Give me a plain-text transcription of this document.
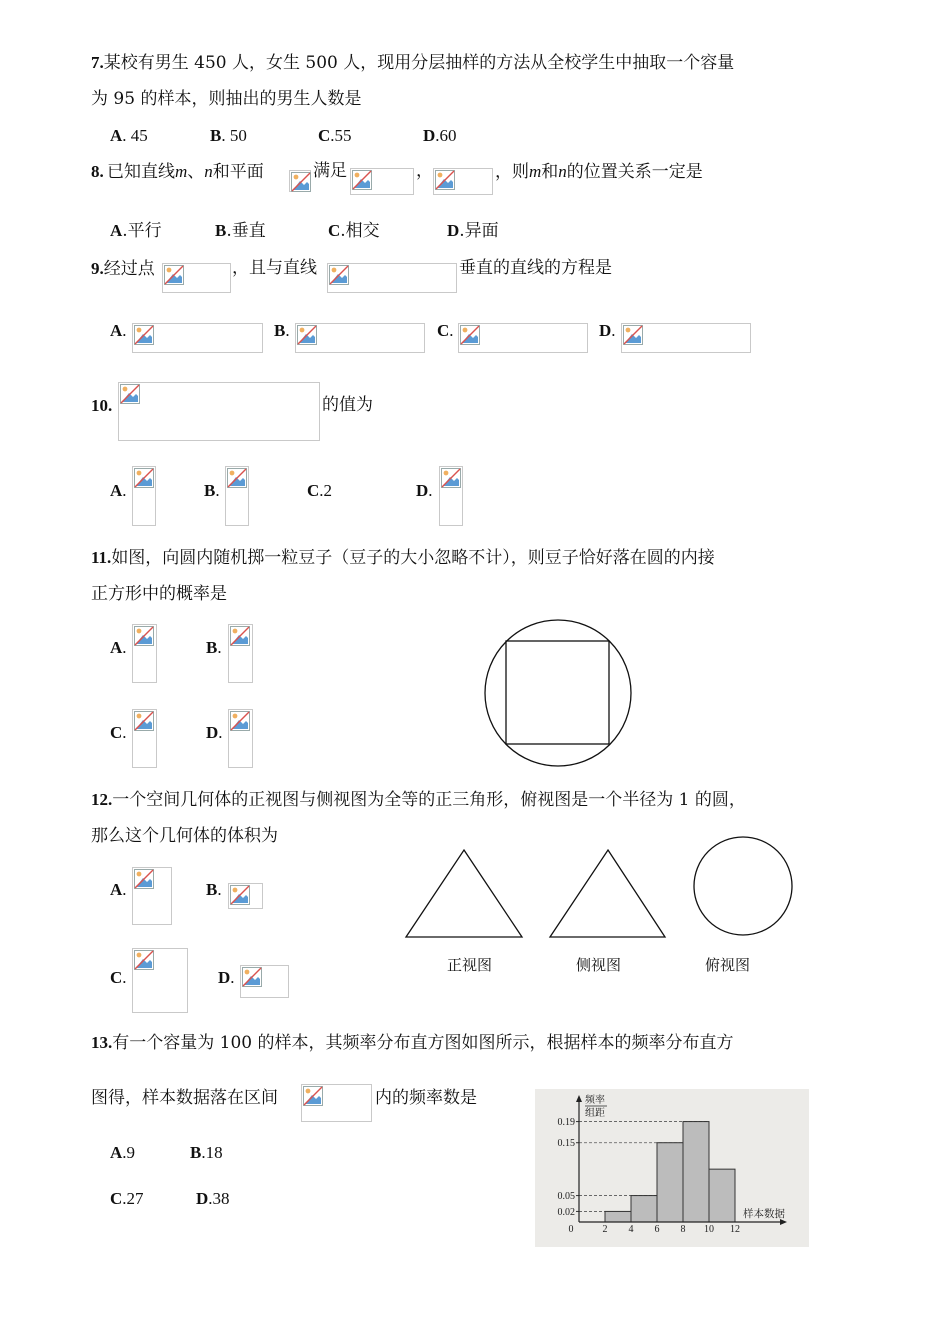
7.某校有男生 450 人，女生 500 人，现用分层抽样的方法从全校学生中抽取一个容量
为 95 的样本，则抽出的男生人数是
A. 45	B. 50	C.55	D.60
8. 已知直线m、n和平面	满足	，	，则m和n的位置关系一定是
A.平行	B.垂直	C.相交	D.异面
9.经过点	，且与直线	垂直的直线的方程是
A.	B.	C.	D.
10.	的值为
A.	B.	C.2	D.
11.如图，向圆内随机掷一粒豆子（豆子的大小忽略不计），则豆子恰好落在圆的内接
正方形中的概率是
A.	B.
C.	D.
12.一个空间几何体的正视图与侧视图为全等的正三角形，俯视图是一个半径为 1 的圆，
那么这个几何体的体积为
A.	B.
C.	D.
正视图	侧视图	俯视图
13.有一个容量为 100 的样本，其频率分布直方图如图所示，根据样本的频率分布直方
图得，样本数据落在区间	内的频率数是
A.9	B.18
C.27	D.38
0.02
0.05
0.15
0.19
0	2 4 6 8 10 12
频率
组距
样本数据
